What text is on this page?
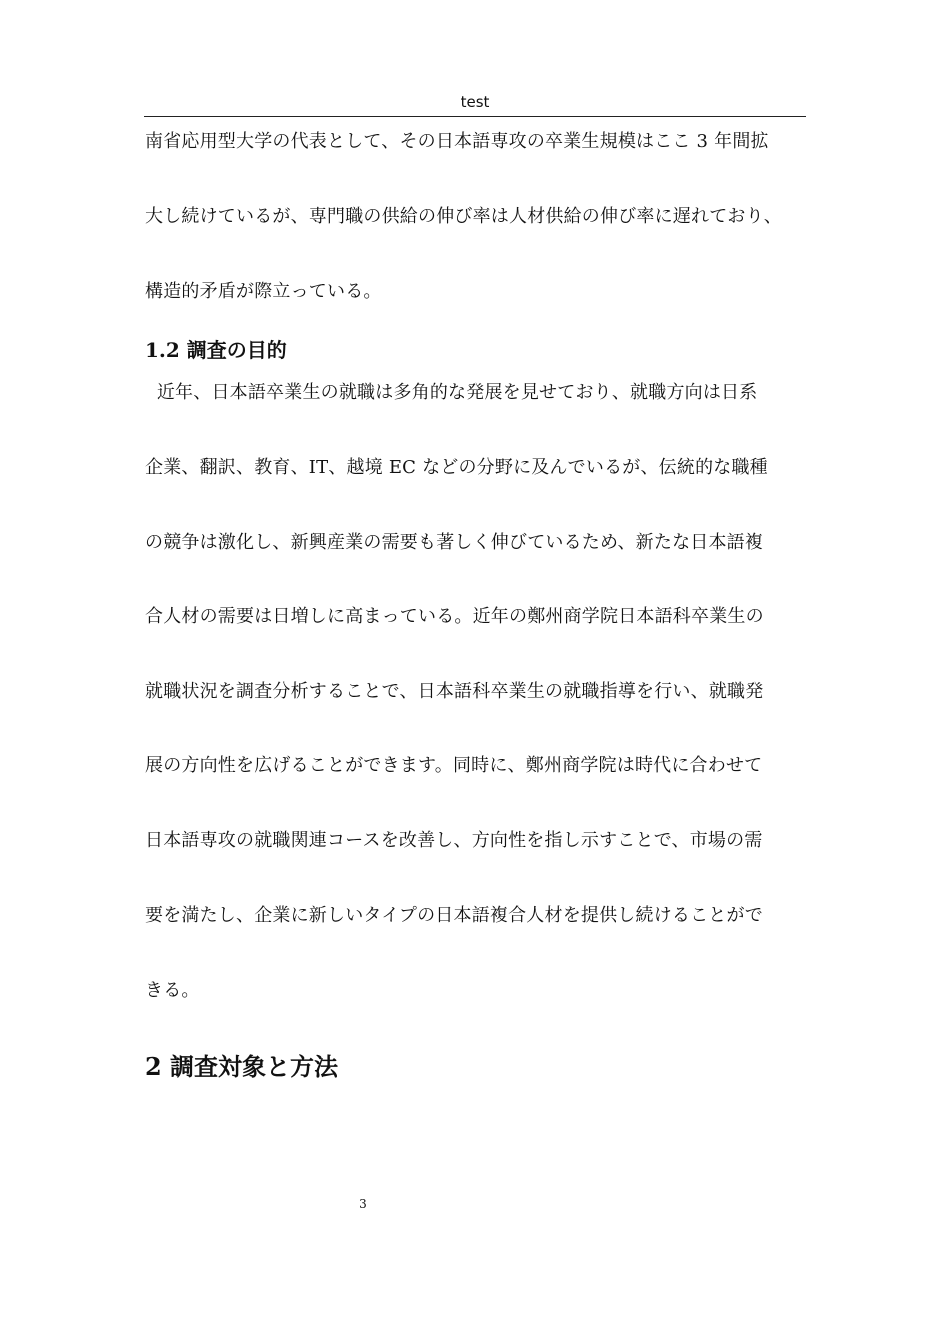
test
南省応用型大学の代表として、その日本語専攻の卒業生規模はここ 3 年間拡
大し続けているが、専門職の供給の伸び率は人材供給の伸び率に遅れており、
構造的矛盾が際立っている。
1.2 調査の目的
近年、日本語卒業生の就職は多角的な発展を見せており、就職方向は日系
企業、翻訳、教育、IT、越境 EC などの分野に及んでいるが、伝統的な職種
の競争は激化し、新興産業の需要も著しく伸びているため、新たな日本語複
合人材の需要は日増しに高まっている。近年の鄭州商学院日本語科卒業生の
就職状況を調査分析することで、日本語科卒業生の就職指導を行い、就職発
展の方向性を広げることができます。同時に、鄭州商学院は時代に合わせて
日本語専攻の就職関連コースを改善し、方向性を指し示すことで、市場の需
要を満たし、企業に新しいタイプの日本語複合人材を提供し続けることがで
きる。
2 調査対象と方法
3
